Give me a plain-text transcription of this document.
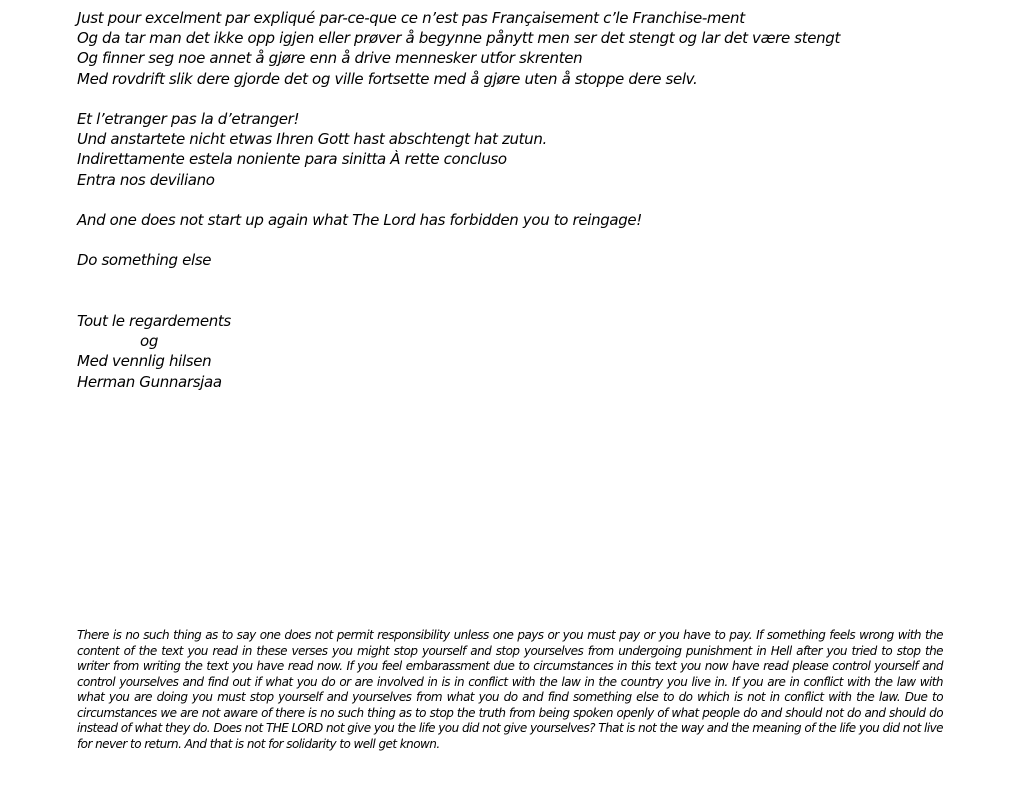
Just pour excelment par expliqué par-ce-que ce n’est pas Françaisement c’le Franchise-ment

Og da tar man det ikke opp igjen eller prøver å begynne pånytt men ser det stengt og lar det være stengt

Og finner seg noe annet å gjøre enn å drive mennesker utfor skrenten

Med rovdrift slik dere gjorde det og ville fortsette med å gjøre uten å stoppe dere selv.

Et l’etranger pas la d’etranger!

Und anstartete nicht etwas Ihren Gott hast abschtengt hat zutun.

Indirettamente estela noniente para sinitta À rette concluso

Entra nos deviliano

And one does not start up again what The Lord has forbidden you to reingage!

Do something else

Tout le regardements

og

Med vennlig hilsen

Herman Gunnarsjaa

There is no such thing as to say one does not permit responsibility unless one pays or you must pay or you have to pay. If something feels wrong with the content of the text you read in these verses you might stop yourself and stop yourselves from undergoing punishment in Hell after you tried to stop the writer from writing the text you have read now. If you feel embarassment due to circumstances in this text you now have read please control yourself and control yourselves and find out if what you do or are involved in is in conflict with the law in the country you live in. If you are in conflict with the law with what you are doing you must stop yourself and yourselves from what you do and find something else to do which is not in conflict with the law. Due to circumstances we are not aware of there is no such thing as to stop the truth from being spoken openly of what people do and should not do and should do instead of what they do. Does not THE LORD not give you the life you did not give yourselves? That is not the way and the meaning of the life you did not live for never to return. And that is not for solidarity to well get known.
